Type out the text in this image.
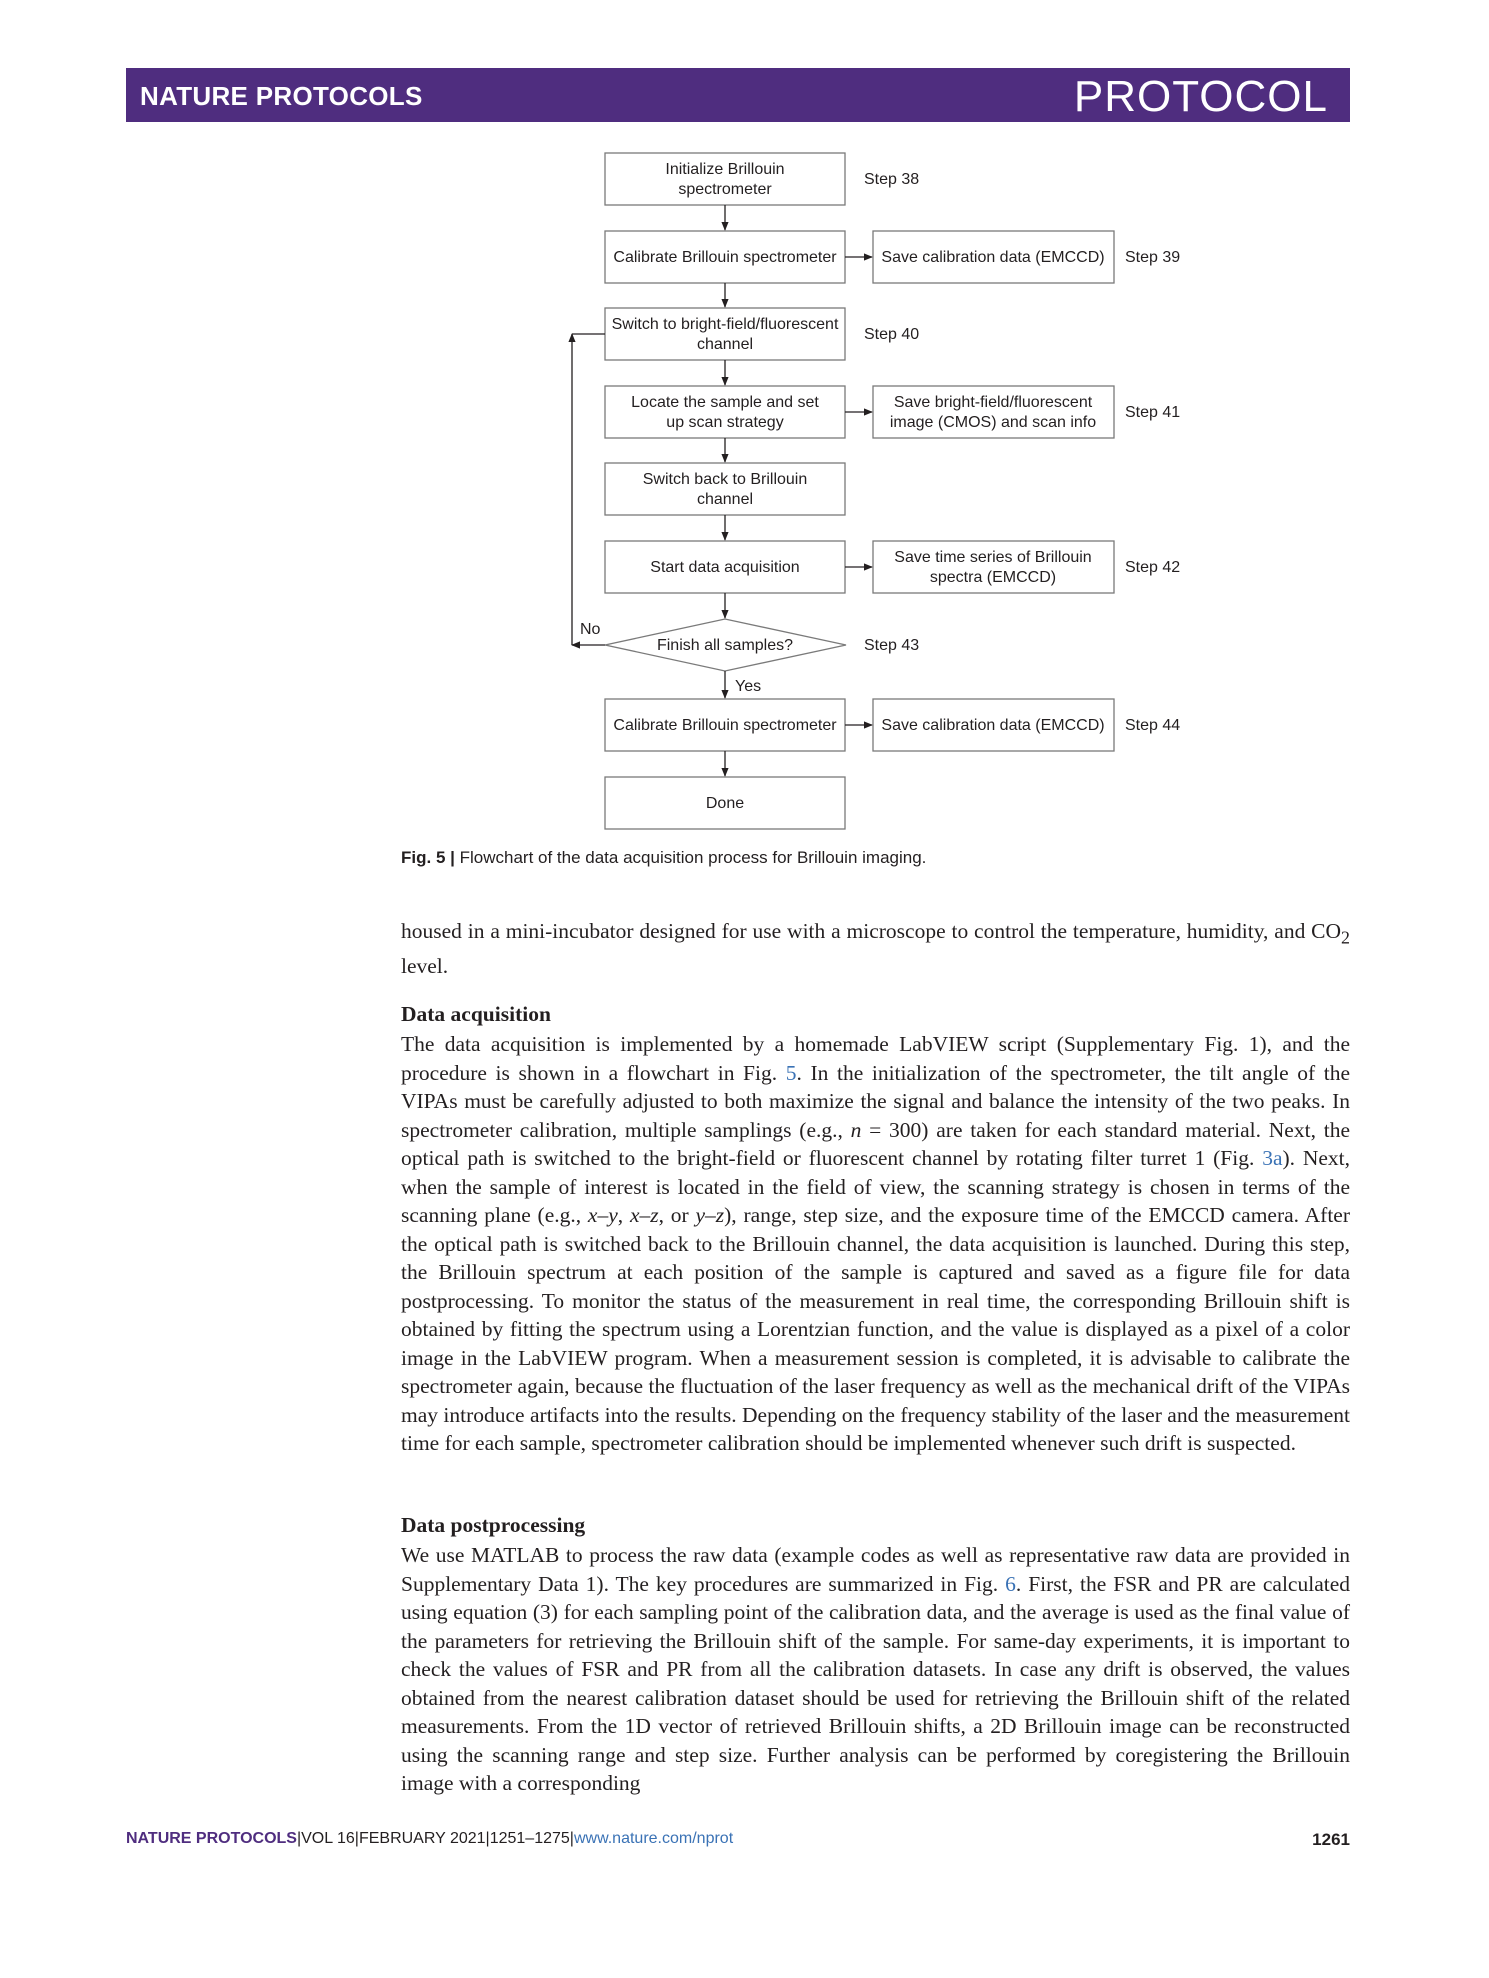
NATURE PROTOCOLS	PROTOCOL
Initialize Brillouin
spectrometer
Calibrate Brillouin spectrometer	Save calibration data (EMCCD)
Switch to bright-field/fluorescent
channel
Locate the sample and set
up scan strategy
Save bright-field/fluorescent
image (CMOS) and scan info
Switch back to Brillouin
channel
Start data acquisition
Save time series of Brillouin
spectra (EMCCD)
Finish all samples?
Calibrate Brillouin spectrometer	Save calibration data (EMCCD)
Done
Step 38
Step 39
Step 40
Step 41
Step 42
Step 43
Step 44
No
Yes
Fig. 5 | Flowchart of the data acquisition process for Brillouin imaging.
housed in a mini-incubator designed for use with a microscope to control the temperature, humidity, and $CO_2$ level.
Data acquisition
The data acquisition is implemented by a homemade LabVIEW script (Supplementary Fig. 1), and the procedure is shown in a flowchart in Fig. 5. In the initialization of the spectrometer, the tilt angle of the VIPAs must be carefully adjusted to both maximize the signal and balance the intensity of the two peaks. In spectrometer calibration, multiple samplings (e.g., n = 300) are taken for each standard material. Next, the optical path is switched to the bright-field or fluorescent channel by rotating filter turret 1 (Fig. 3a). Next, when the sample of interest is located in the field of view, the scanning strategy is chosen in terms of the scanning plane (e.g., x–y, x–z, or y–z), range, step size, and the exposure time of the EMCCD camera. After the optical path is switched back to the Brillouin channel, the data acquisition is launched. During this step, the Brillouin spectrum at each position of the sample is captured and saved as a figure file for data postprocessing. To monitor the status of the measurement in real time, the corresponding Brillouin shift is obtained by fitting the spectrum using a Lorentzian function, and the value is displayed as a pixel of a color image in the LabVIEW program. When a measurement session is completed, it is advisable to calibrate the spectrometer again, because the fluctuation of the laser frequency as well as the mechanical drift of the VIPAs may introduce artifacts into the results. Depending on the frequency stability of the laser and the measurement time for each sample, spectrometer calibration should be implemented whenever such drift is suspected.
Data postprocessing
We use MATLAB to process the raw data (example codes as well as representative raw data are provided in Supplementary Data 1). The key procedures are summarized in Fig. 6. First, the FSR and PR are calculated using equation (3) for each sampling point of the calibration data, and the average is used as the final value of the parameters for retrieving the Brillouin shift of the sample. For same-day experiments, it is important to check the values of FSR and PR from all the calibration datasets. In case any drift is observed, the values obtained from the nearest calibration dataset should be used for retrieving the Brillouin shift of the related measurements. From the 1D vector of retrieved Brillouin shifts, a 2D Brillouin image can be reconstructed using the scanning range and step size. Further analysis can be performed by coregistering the Brillouin image with a corresponding
NATURE PROTOCOLS|VOL 16|FEBRUARY 2021|1251–1275|www.nature.com/nprot	1261
